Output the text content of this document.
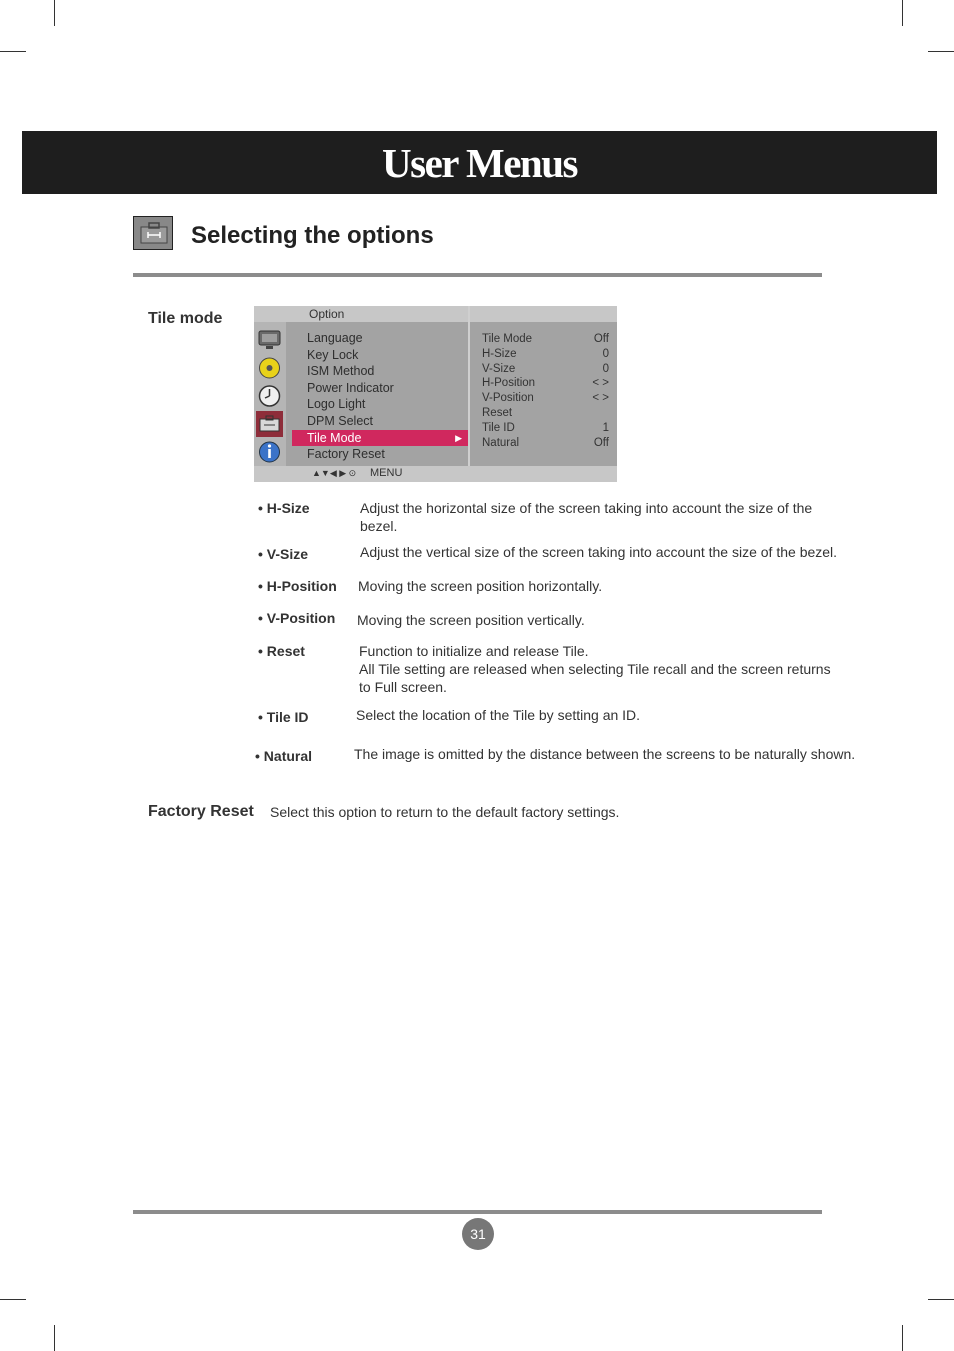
User Menus
Selecting the options
Tile mode	Option
Language
Key Lock
ISM Method
Power Indicator
Logo Light
DPM Select
Tile Mode	▶
Factory Reset
Tile Mode	Off
H-Size	0
V-Size	0
H-Position	< >
V-Position	< >
Reset
Tile ID	1
Natural	Off
▲▼◀ ▶ ⊙ MENU
• H-Size	Adjust the horizontal size of the screen taking into account the size of the
bezel.
• V-Size	Adjust the vertical size of the screen taking into account the size of the bezel.
• H-Position Moving the screen position horizontally.
• V-Position Moving the screen position vertically.
• Reset	Function to initialize and release Tile.
All Tile setting are released when selecting Tile recall and the screen returns
to Full screen.
• Tile ID	Select the location of the Tile by setting an ID.
• Natural	The image is omitted by the distance between the screens to be naturally shown.
Factory Reset Select this option to return to the default factory settings.
31
